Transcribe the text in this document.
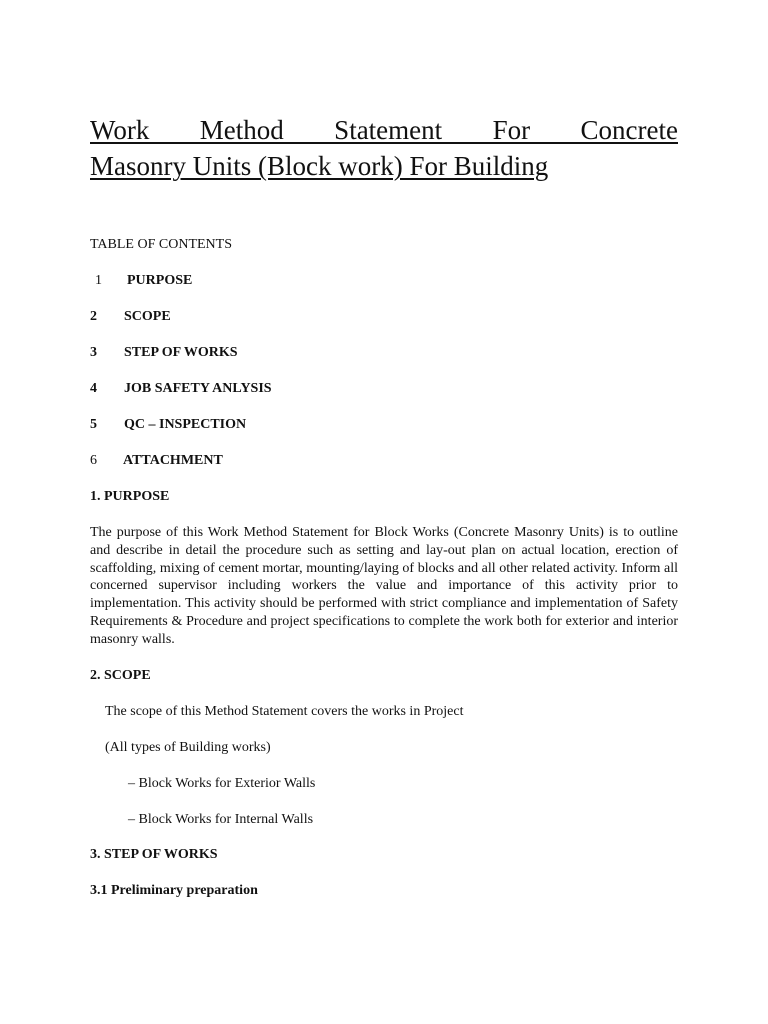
Work Method Statement For Concrete
Masonry Units (Block work) For Building

TABLE OF CONTENTS

1 PURPOSE
2 SCOPE
3 STEP OF WORKS
4 JOB SAFETY ANLYSIS
5 QC – INSPECTION
6 ATTACHMENT

1. PURPOSE

The purpose of this Work Method Statement for Block Works (Concrete Masonry Units) is to outline and describe in detail the procedure such as setting and lay-out plan on actual location, erection of scaffolding, mixing of cement mortar, mounting/laying of blocks and all other related activity. Inform all concerned supervisor including workers the value and importance of this activity prior to implementation. This activity should be performed with strict compliance and implementation of Safety Requirements & Procedure and project specifications to complete the work both for exterior and interior masonry walls.

2. SCOPE

The scope of this Method Statement covers the works in Project

(All types of Building works)

– Block Works for Exterior Walls

– Block Works for Internal Walls

3. STEP OF WORKS

3.1 Preliminary preparation
